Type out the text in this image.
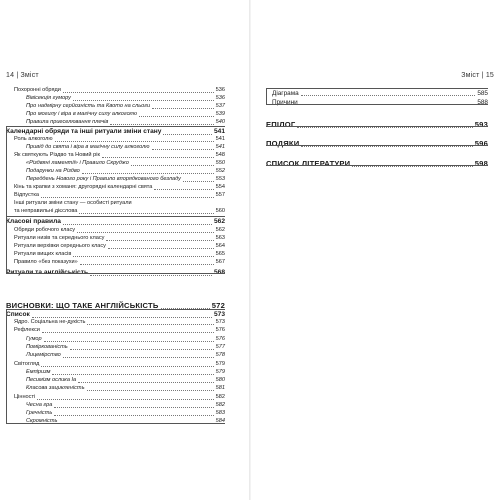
14 | Зміст
Похоронні обряди	536
Вівісекція гумору	536
Про надмірну серйозність та Квото на сльоги	537
Про могилу і віра в магічну силу алкоголю	539
Правила приеселювання плечів	540
Календарні обряди та інші ритуали зміни стану	541
Роль алкоголю	541
Привід до свята і віра в магічну силу алкоголю	541
Як святкують Різдво та Новий рік	548
«Різдвяні ламентії» і Правило Скруджо	550
Подарунки на Різдво	552
Переддень Нового року і Правило впорядкованого безладу	553
Кінь та крапки з хоманя: другорядні календарні свята	554
Відпустка	557
Інші ритуали зміни стану — особисті ритуали
та неправильні дієслова	560
Класові правила	562
Обряди робочого класу	562
Ритуали низів та середнього класу	563
Ритуали верхівки середнього класу	564
Ритуали вищих класів	565
Правило «без показухи»	567
Ритуали та англійськість	568
ВИСНОВКИ: ЩО ТАКЕ АНГЛІЙСЬКІСТЬ	572
Список	573
Ядро. Соціальна не-дукість	573
Рефлекси	576
Гумор	576
Поміркованість	577
Лицемірство	578
Світогляд	579
Емпіризм	579
Песимізм ослика Іа	580
Класова зацикленість	581
Цінності	582
Чесна гра	582
Гречність	583
Скромність	584
Зміст | 15
Діаграма	585
Причини	588
ЕПІЛОГ	593
ПОДЯКИ	596
СПИСОК ЛІТЕРАТУРИ	598
